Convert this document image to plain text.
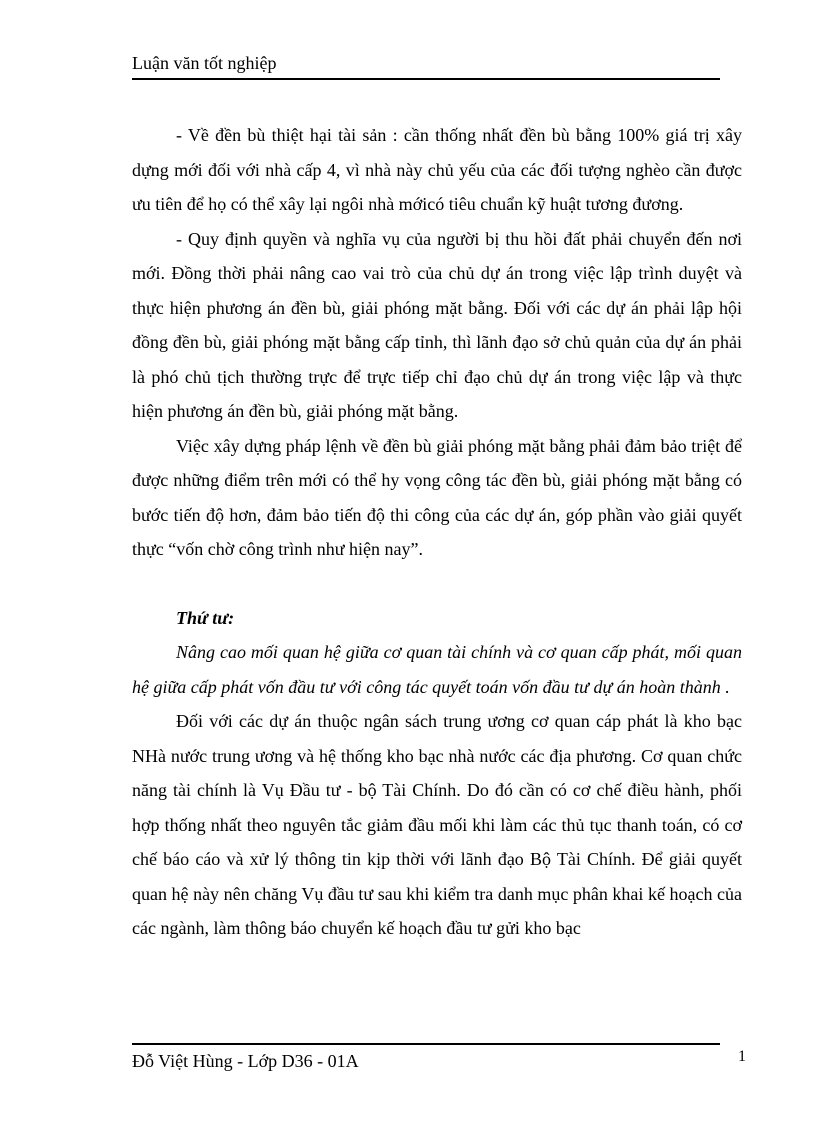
Luận văn tốt nghiệp

- Về đền bù thiệt hại tài sản : cần thống nhất đền bù bằng 100% giá trị xây dựng mới đối với nhà cấp 4, vì nhà này chủ yếu của các đối tượng nghèo cần được ưu tiên để họ có thể xây lại ngôi nhà mớicó tiêu chuẩn kỹ huật tương đương.

- Quy định quyền và nghĩa vụ của người bị thu hồi đất phải chuyển đến nơi mới. Đồng thời phải nâng cao vai trò của chủ dự án trong việc lập trình duyệt và thực hiện phương án đền bù, giải phóng mặt bằng. Đối với các dự án phải lập hội đồng đền bù, giải phóng mặt bằng cấp tỉnh, thì lãnh đạo sở chủ quản của dự án phải là phó chủ tịch thường trực để trực tiếp chỉ đạo chủ dự án trong việc lập và thực hiện phương án đền bù, giải phóng mặt bằng.

Việc xây dựng pháp lệnh về đền bù giải phóng mặt bằng phải đảm bảo triệt để được những điểm trên mới có thể hy vọng công tác đền bù, giải phóng mặt bằng có bước tiến độ hơn, đảm bảo tiến độ thi công của các dự án, góp phần vào giải quyết thực “vốn chờ công trình như hiện nay”.

Thứ tư:

Nâng cao mối quan hệ giữa cơ quan tài chính và cơ quan cấp phát, mối quan hệ giữa cấp phát vốn đầu tư với công tác quyết toán vốn đầu tư dự án hoàn thành .

Đối với các dự án thuộc ngân sách trung ương cơ quan cáp phát là kho bạc NHà nước trung ương và hệ thống kho bạc nhà nước các địa phương. Cơ quan chức năng tài chính là Vụ Đầu tư - bộ Tài Chính. Do đó cần có cơ chế điều hành, phối hợp thống nhất theo nguyên tắc giảm đầu mối khi làm các thủ tục thanh toán, có cơ chế báo cáo và xử lý thông tin kịp thời với lãnh đạo Bộ Tài Chính. Để giải quyết quan hệ này nên chăng Vụ đầu tư sau khi kiểm tra danh mục phân khai kế hoạch của các ngành, làm thông báo chuyển kế hoạch đầu tư gửi kho bạc

Đỗ Việt Hùng - Lớp D36 - 01A	1
